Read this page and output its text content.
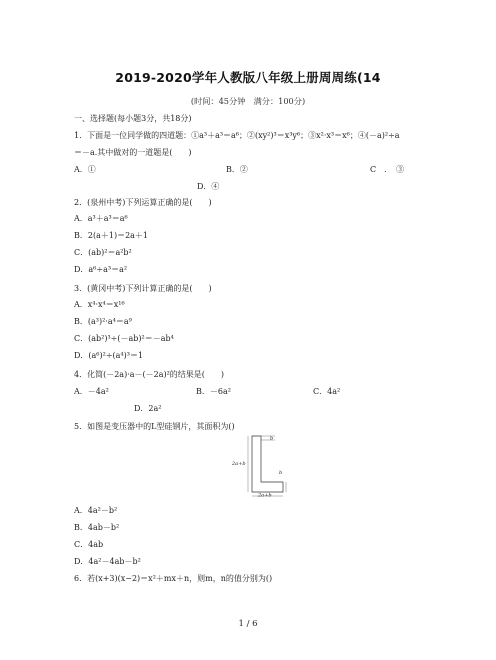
2019-2020学年人教版八年级上册周周练(14
(时间：45分钟　满分：100分)
一、选择题(每小题3分，共18分)
1．下面是一位同学做的四道题：①a³＋a³＝a⁶；②(xy²)³＝x³y⁶；③x²·x³＝x⁶；④(－a)²÷a
＝－a.其中做对的一道题是(　　)
A．①	B．②	C　．　③
D．④
2．(泉州中考)下列运算正确的是(　　)
A．a³＋a³＝a⁶
B．2(a＋1)＝2a＋1
C．(ab)²＝a²b²
D．a⁶÷a³＝a²
3．(黄冈中考)下列计算正确的是(　　)
A．x⁴·x⁴＝x¹⁶
B．(a³)²·a⁴＝a⁹
C．(ab²)³÷(－ab)²＝－ab⁴
D．(a⁶)²÷(a⁴)³＝1
4．化简(－2a)·a－(－2a)²的结果是(　　)
A．－4a²	B．－6a²	C．4a²
D．2a²
5．如图是变压器中的L型硅钢片，其面积为()
b
2a+b
b
2a+b
A．4a²－b²
B．4ab－b²
C．4ab
D．4a²－4ab－b²
6．若(x+3)(x−2)＝x²＋mx＋n，则m，n的值分别为()
1 / 6
